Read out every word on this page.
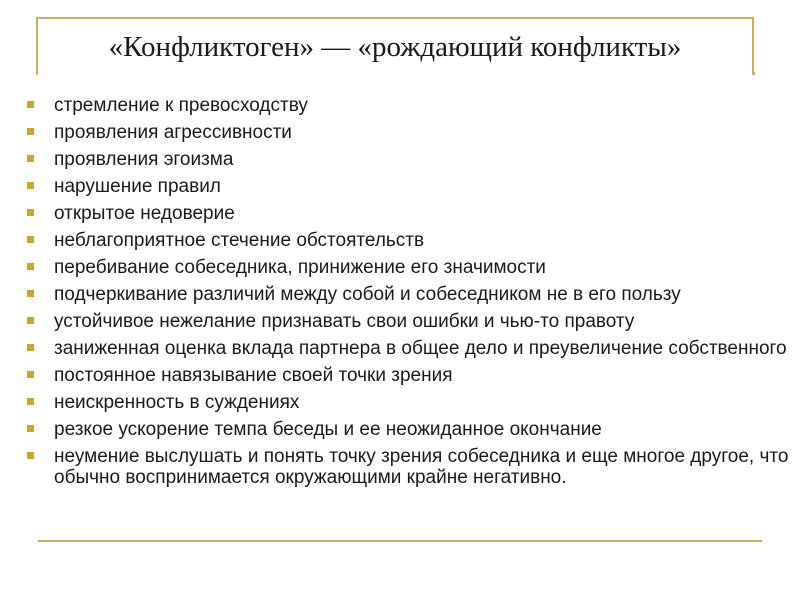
«Конфликтоген» — «рождающий конфликты»
стремление к превосходству
проявления агрессивности
проявления эгоизма
нарушение правил
открытое недоверие
неблагоприятное стечение обстоятельств
перебивание собеседника, принижение его значимости
подчеркивание различий между собой и собеседником не в его пользу
устойчивое нежелание признавать свои ошибки и чью-то правоту
заниженная оценка вклада партнера в общее дело и преувеличение собственного
постоянное навязывание своей точки зрения
неискренность в суждениях
резкое ускорение темпа беседы и ее неожиданное окончание
неумение выслушать и понять точку зрения собеседника и еще многое другое, что обычно воспринимается окружающими крайне негативно.
